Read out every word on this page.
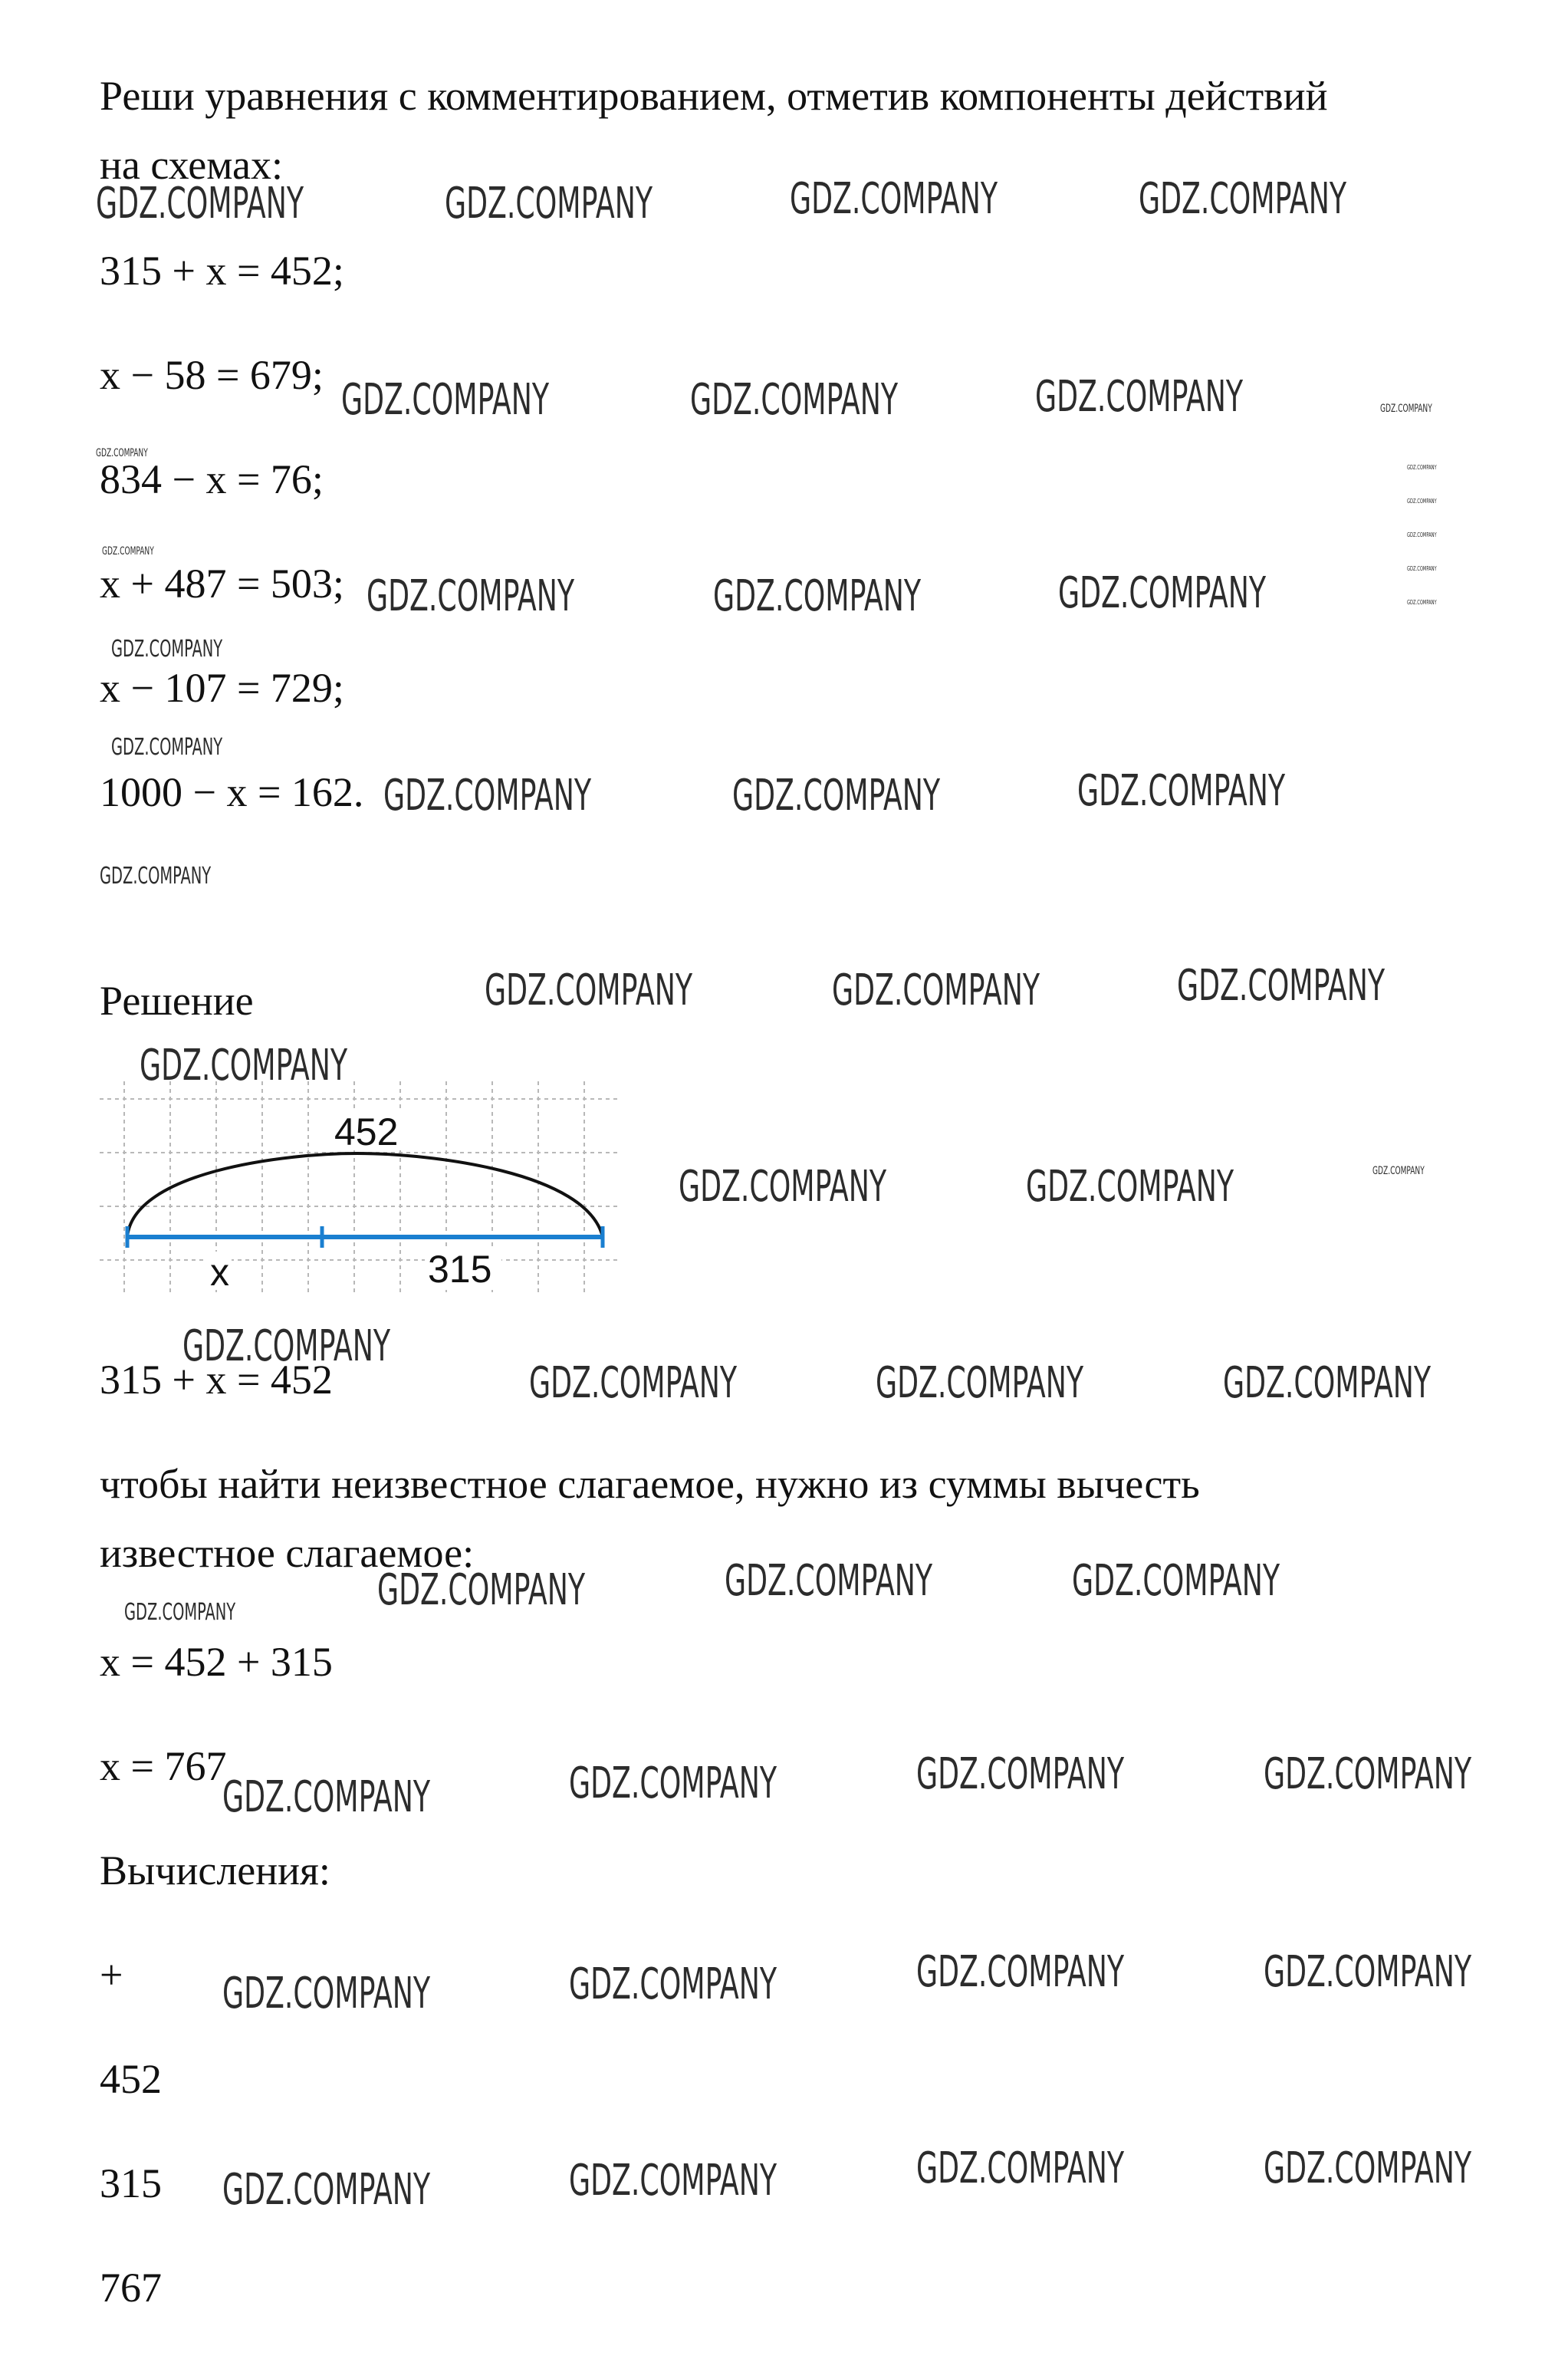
Реши уравнения с комментированием, отметив компоненты действий
на схемах:
315 + x = 452;
x − 58 = 679;
834 − x = 76;
x + 487 = 503;
x − 107 = 729;
1000 − x = 162.
Решение
452
x	315
315 + x = 452
чтобы найти неизвестное слагаемое, нужно из суммы вычесть
известное слагаемое:
x = 452 + 315
x = 767
Вычисления:
+
452
315
767
GDZ.COMPANY	GDZ.COMPANY	GDZ.COMPANY	GDZ.COMPANY
GDZ.COMPANY	GDZ.COMPANY	GDZ.COMPANY	GDZ.COMPANY
GDZ.COMPANY
GDZ.COMPANY
GDZ.COMPANY
GDZ.COMPANY
GDZ.COMPANY
GDZ.COMPANY
GDZ.COMPANY
GDZ.COMPANY	GDZ.COMPANY	GDZ.COMPANY
GDZ.COMPANY
GDZ.COMPANY
GDZ.COMPANY	GDZ.COMPANY	GDZ.COMPANY
GDZ.COMPANY
GDZ.COMPANY	GDZ.COMPANY	GDZ.COMPANY
GDZ.COMPANY
GDZ.COMPANY	GDZ.COMPANY	GDZ.COMPANY
GDZ.COMPANY
GDZ.COMPANY	GDZ.COMPANY	GDZ.COMPANY
GDZ.COMPANY	GDZ.COMPANY	GDZ.COMPANY
GDZ.COMPANY
GDZ.COMPANY	GDZ.COMPANY	GDZ.COMPANY	GDZ.COMPANY
GDZ.COMPANY	GDZ.COMPANY	GDZ.COMPANY	GDZ.COMPANY
GDZ.COMPANY	GDZ.COMPANY	GDZ.COMPANY	GDZ.COMPANY
